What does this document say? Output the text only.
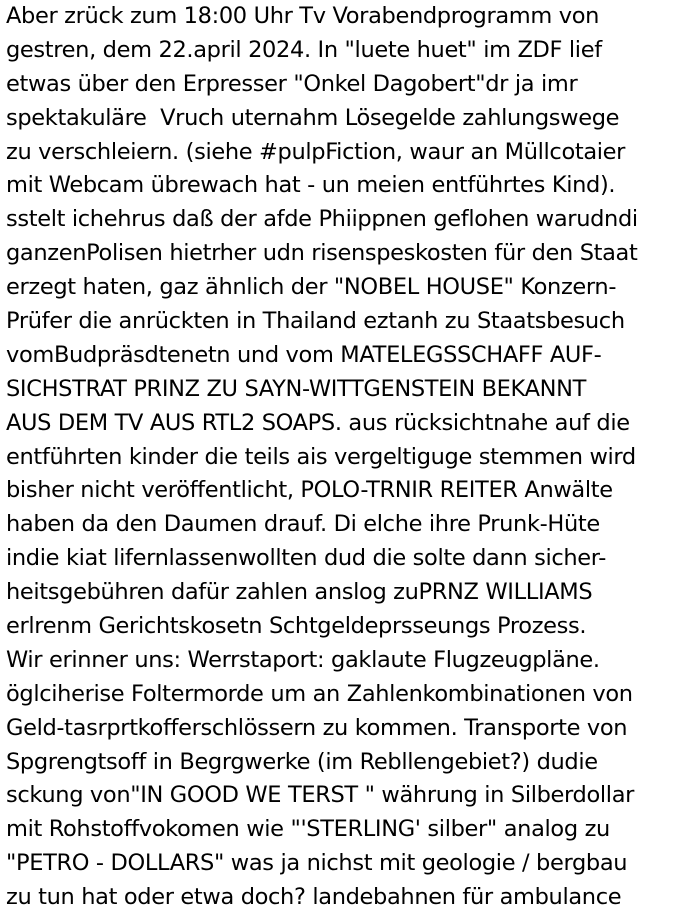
Aber zrück zum 18:00 Uhr Tv Vorabendprogramm von
gestren, dem 22.april 2024. In "luete huet" im ZDF lief
etwas über den Erpresser "Onkel Dagobert"dr ja imr
spektakuläre  Vruch uternahm Lösegelde zahlungswege
zu verschleiern. (siehe #pulpFiction, waur an Müllcotaier
mit Webcam übrewach hat - un meien entführtes Kind).
sstelt ichehrus daß der afde Phiippnen geflohen warudndi
ganzenPolisen hietrher udn risenspeskosten für den Staat
erzegt haten, gaz ähnlich der "NOBEL HOUSE" Konzern-
Prüfer die anrückten in Thailand eztanh zu Staatsbesuch
vomBudpräsdtenetn und vom MATELEGSSCHAFF AUF-
SICHSTRAT PRINZ ZU SAYN-WITTGENSTEIN BEKANNT
AUS DEM TV AUS RTL2 SOAPS. aus rücksichtnahe auf die
entführten kinder die teils ais vergeltiguge stemmen wird
bisher nicht veröffentlicht, POLO-TRNIR REITER Anwälte
haben da den Daumen drauf. Di elche ihre Prunk-Hüte
indie kiat lifernlassenwollten dud die solte dann sicher-
heitsgebühren dafür zahlen anslog zuPRNZ WILLIAMS
erlrenm Gerichtskosetn Schtgeldeprsseungs Prozess.
Wir erinner uns: Werrstaport: gaklaute Flugzeugpläne.
öglciherise Foltermorde um an Zahlenkombinationen von
Geld-tasrprtkofferschlössern zu kommen. Transporte von
Spgrengtsoff in Begrgwerke (im Rebllengebiet?) dudie
sckung von"IN GOOD WE TERST " währung in Silberdollar
mit Rohstoffvokomen wie "'STERLING' silber" analog zu
"PETRO - DOLLARS" was ja nichst mit geologie / bergbau
zu tun hat oder etwa doch? landebahnen für ambulance
